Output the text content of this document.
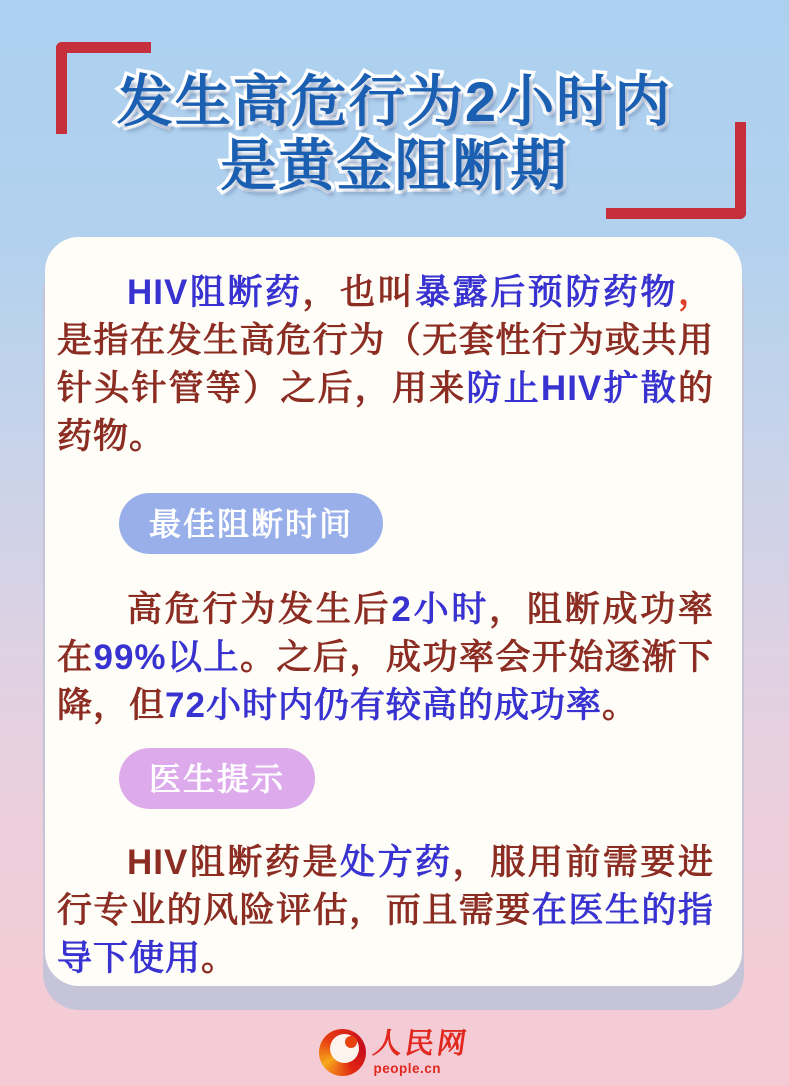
发生高危行为2小时内
是黄金阻断期

HIV阻断药，也叫暴露后预防药物，是指在发生高危行为（无套性行为或共用针头针管等）之后，用来防止HIV扩散的药物。

最佳阻断时间

高危行为发生后2小时，阻断成功率在99%以上。之后，成功率会开始逐渐下降，但72小时内仍有较高的成功率。

医生提示

HIV阻断药是处方药，服用前需要进行专业的风险评估，而且需要在医生的指导下使用。

人民网
people.cn
